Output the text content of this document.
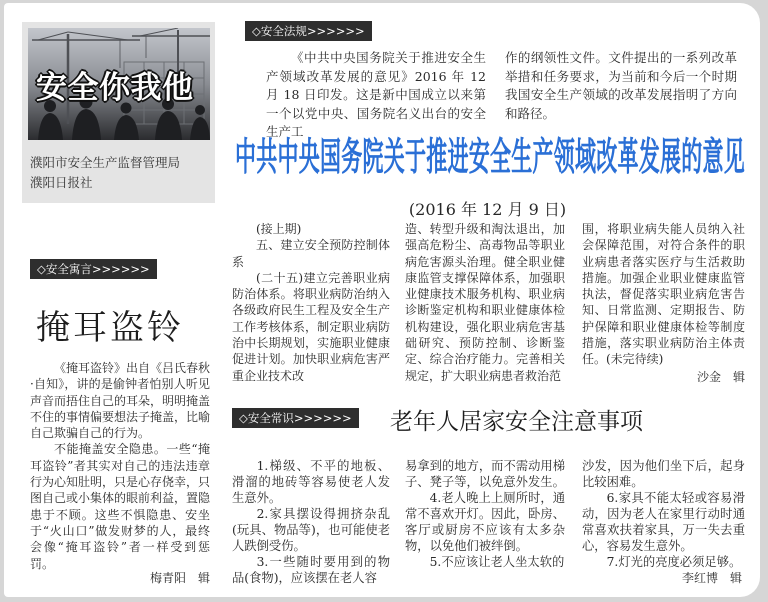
安全你我他
濮阳市安全生产监督管理局
濮阳日报社
◇安全寓言>>>>>>
掩耳盗铃

《掩耳盗铃》出自《吕氏春秋·自知》，讲的是偷钟者怕别人听见声音而捂住自己的耳朵，明明掩盖不住的事情偏要想法子掩盖，比喻自己欺骗自己的行为。

不能掩盖安全隐患。一些“掩耳盗铃”者其实对自己的违法违章行为心知肚明，只是心存侥幸，只图自己或小集体的眼前利益，置隐患于不顾。这些不惧隐患、安坐于“火山口”做发财梦的人，最终会像“掩耳盗铃”者一样受到惩罚。

梅青阳　辑
◇安全法规>>>>>>

《中共中央国务院关于推进安全生产领域改革发展的意见》2016 年 12 月 18 日印发。这是新中国成立以来第一个以党中央、国务院名义出台的安全生产工

作的纲领性文件。文件提出的一系列改革举措和任务要求，为当前和今后一个时期我国安全生产领域的改革发展指明了方向和路径。

中共中央国务院关于推进安全生产领域改革发展的意见
(2016 年 12 月 9 日)

(接上期)

五、建立安全预防控制体系

(二十五)建立完善职业病防治体系。将职业病防治纳入各级政府民生工程及安全生产工作考核体系，制定职业病防治中长期规划，实施职业健康促进计划。加快职业病危害严重企业技术改

造、转型升级和淘汰退出，加强高危粉尘、高毒物品等职业病危害源头治理。健全职业健康监管支撑保障体系，加强职业健康技术服务机构、职业病诊断鉴定机构和职业健康体检机构建设，强化职业病危害基础研究、预防控制、诊断鉴定、综合治疗能力。完善相关规定，扩大职业病患者救治范

围，将职业病失能人员纳入社会保障范围，对符合条件的职业病患者落实医疗与生活救助措施。加强企业职业健康监管执法，督促落实职业病危害告知、日常监测、定期报告、防护保障和职业健康体检等制度措施，落实职业病防治主体责任。(未完待续)

沙金　辑
◇安全常识>>>>>>	老年人居家安全注意事项

1.梯级、不平的地板、滑溜的地砖等容易使老人发生意外。

2.家具摆设得拥挤杂乱(玩具、物品等)，也可能使老人跌倒受伤。

3.一些随时要用到的物品(食物)，应该摆在老人容

易拿到的地方，而不需动用梯子、凳子等，以免意外发生。

4.老人晚上上厕所时，通常不喜欢开灯。因此，卧房、客厅或厨房不应该有太多杂物，以免他们被绊倒。

5.不应该让老人坐太软的

沙发，因为他们坐下后，起身比较困难。

6.家具不能太轻或容易滑动，因为老人在家里行动时通常喜欢扶着家具，万一失去重心，容易发生意外。

7.灯光的亮度必须足够。

李红博　辑
